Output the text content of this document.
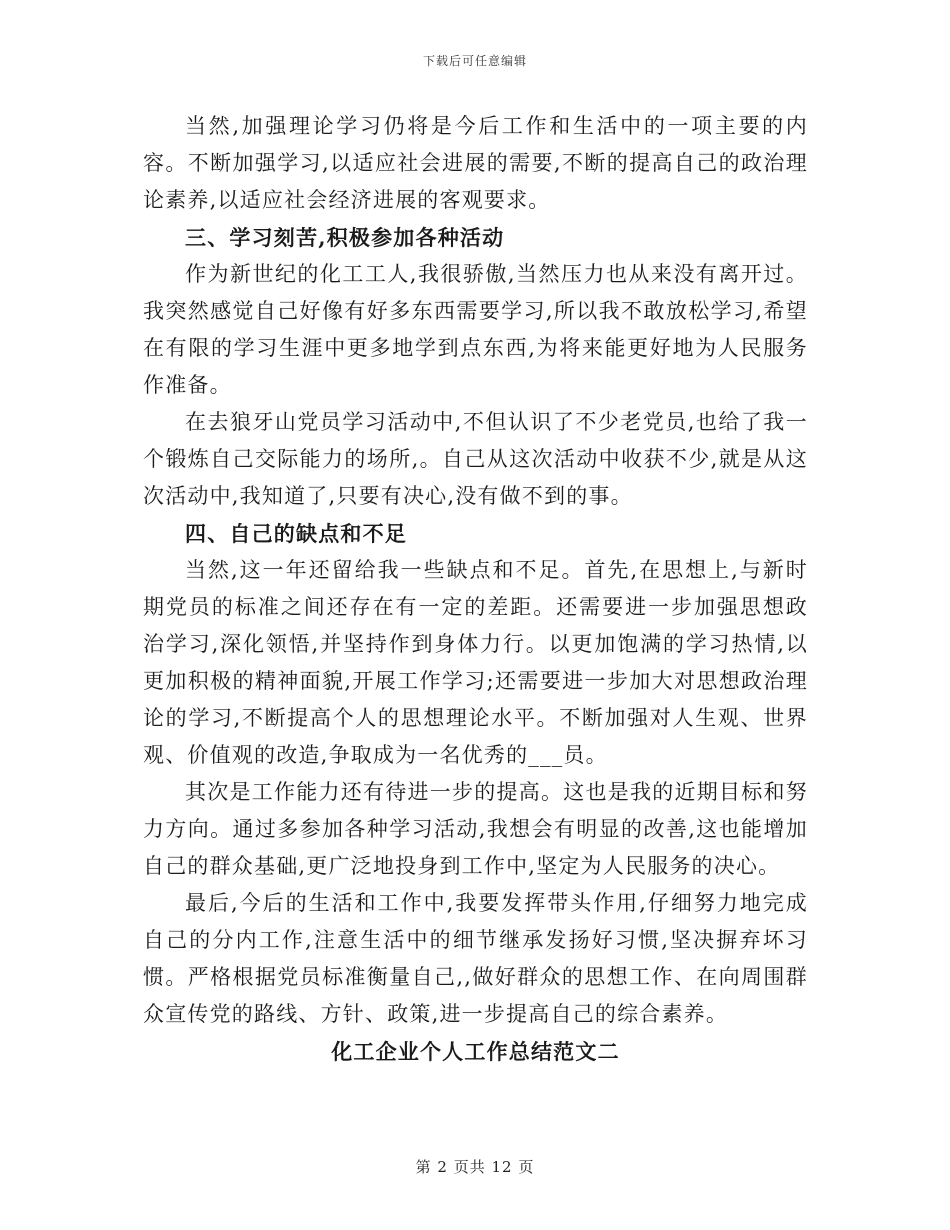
下载后可任意编辑

当然,加强理论学习仍将是今后工作和生活中的一项主要的内容。不断加强学习,以适应社会进展的需要,不断的提高自己的政治理论素养,以适应社会经济进展的客观要求。

三、学习刻苦,积极参加各种活动

作为新世纪的化工工人,我很骄傲,当然压力也从来没有离开过。我突然感觉自己好像有好多东西需要学习,所以我不敢放松学习,希望在有限的学习生涯中更多地学到点东西,为将来能更好地为人民服务作准备。

在去狼牙山党员学习活动中,不但认识了不少老党员,也给了我一个锻炼自己交际能力的场所,。自己从这次活动中收获不少,就是从这次活动中,我知道了,只要有决心,没有做不到的事。

四、自己的缺点和不足

当然,这一年还留给我一些缺点和不足。首先,在思想上,与新时期党员的标准之间还存在有一定的差距。还需要进一步加强思想政治学习,深化领悟,并坚持作到身体力行。以更加饱满的学习热情,以更加积极的精神面貌,开展工作学习;还需要进一步加大对思想政治理论的学习,不断提高个人的思想理论水平。不断加强对人生观、世界观、价值观的改造,争取成为一名优秀的___员。

其次是工作能力还有待进一步的提高。这也是我的近期目标和努力方向。通过多参加各种学习活动,我想会有明显的改善,这也能增加自己的群众基础,更广泛地投身到工作中,坚定为人民服务的决心。

最后,今后的生活和工作中,我要发挥带头作用,仔细努力地完成自己的分内工作,注意生活中的细节继承发扬好习惯,坚决摒弃坏习惯。严格根据党员标准衡量自己,,做好群众的思想工作、在向周围群众宣传党的路线、方针、政策,进一步提高自己的综合素养。

化工企业个人工作总结范文二

第 2 页共 12 页
